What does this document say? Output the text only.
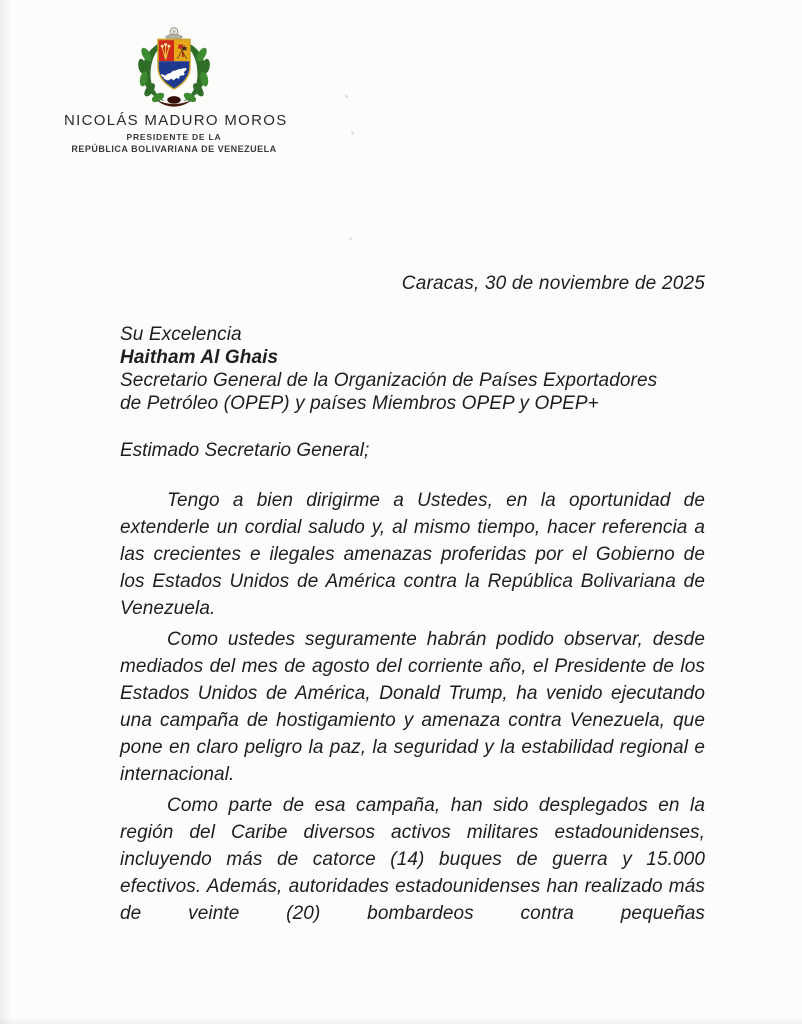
NICOLÁS MADURO MOROS
PRESIDENTE DE LA
REPÚBLICA BOLIVARIANA DE VENEZUELA
Caracas, 30 de noviembre de 2025
Su Excelencia
Haitham Al Ghais
Secretario General de la Organización de Países Exportadores
de Petróleo (OPEP) y países Miembros OPEP y OPEP+
Estimado Secretario General;

Tengo a bien dirigirme a Ustedes, en la oportunidad de extenderle un cordial saludo y, al mismo tiempo, hacer referencia a las crecientes e ilegales amenazas proferidas por el Gobierno de los Estados Unidos de América contra la República Bolivariana de Venezuela.

Como ustedes seguramente habrán podido observar, desde mediados del mes de agosto del corriente año, el Presidente de los Estados Unidos de América, Donald Trump, ha venido ejecutando una campaña de hostigamiento y amenaza contra Venezuela, que pone en claro peligro la paz, la seguridad y la estabilidad regional e internacional.

Como parte de esa campaña, han sido desplegados en la región del Caribe diversos activos militares estadounidenses, incluyendo más de catorce (14) buques de guerra y 15.000 efectivos. Además, autoridades estadounidenses han realizado más de veinte (20) bombardeos contra pequeñas
